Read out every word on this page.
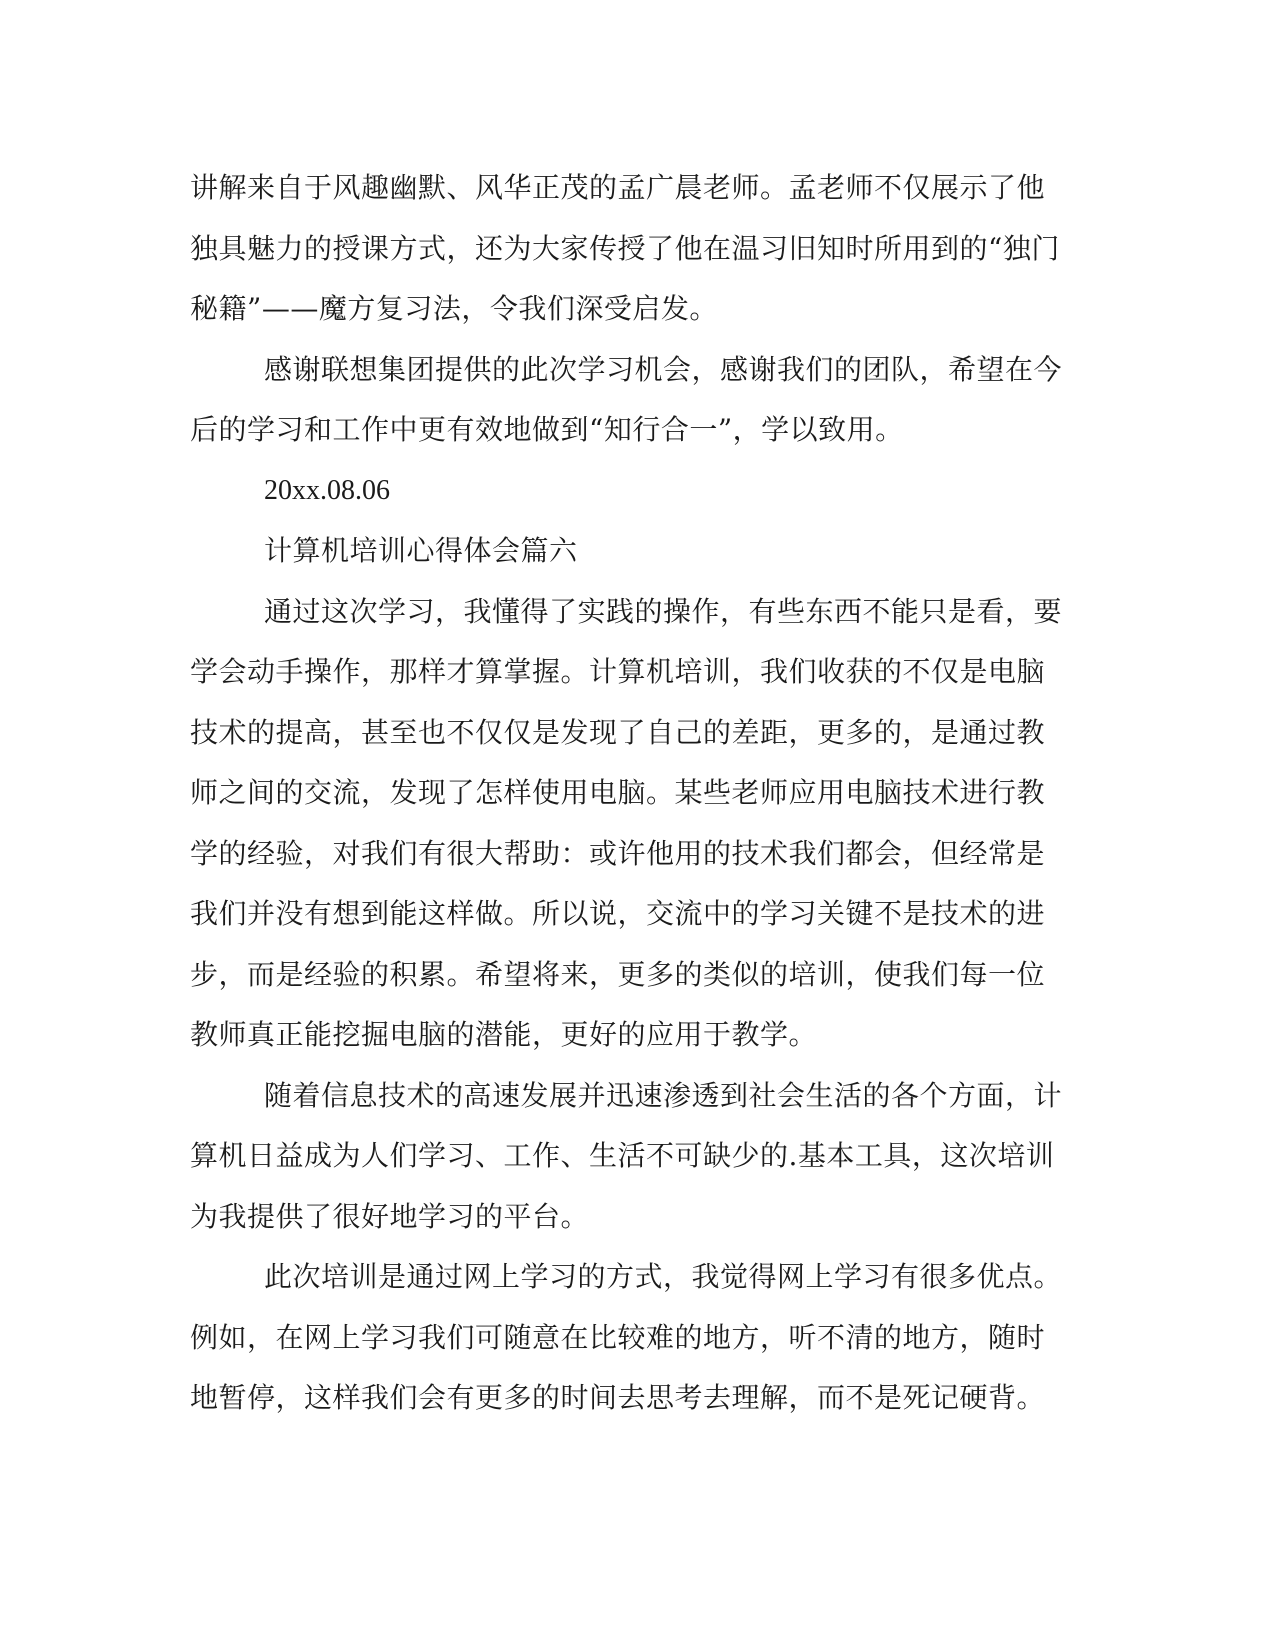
讲解来自于风趣幽默、风华正茂的孟广晨老师。孟老师不仅展示了他
独具魅力的授课方式，还为大家传授了他在温习旧知时所用到的“独门
秘籍”——魔方复习法，令我们深受启发。

感谢联想集团提供的此次学习机会，感谢我们的团队，希望在今
后的学习和工作中更有效地做到“知行合一”，学以致用。

20xx.08.06

计算机培训心得体会篇六

通过这次学习，我懂得了实践的操作，有些东西不能只是看，要
学会动手操作，那样才算掌握。计算机培训，我们收获的不仅是电脑
技术的提高，甚至也不仅仅是发现了自己的差距，更多的，是通过教
师之间的交流，发现了怎样使用电脑。某些老师应用电脑技术进行教
学的经验，对我们有很大帮助：或许他用的技术我们都会，但经常是
我们并没有想到能这样做。所以说，交流中的学习关键不是技术的进
步，而是经验的积累。希望将来，更多的类似的培训，使我们每一位
教师真正能挖掘电脑的潜能，更好的应用于教学。

随着信息技术的高速发展并迅速渗透到社会生活的各个方面，计
算机日益成为人们学习、工作、生活不可缺少的.基本工具，这次培训
为我提供了很好地学习的平台。

此次培训是通过网上学习的方式，我觉得网上学习有很多优点。
例如，在网上学习我们可随意在比较难的地方，听不清的地方，随时
地暂停，这样我们会有更多的时间去思考去理解，而不是死记硬背。
